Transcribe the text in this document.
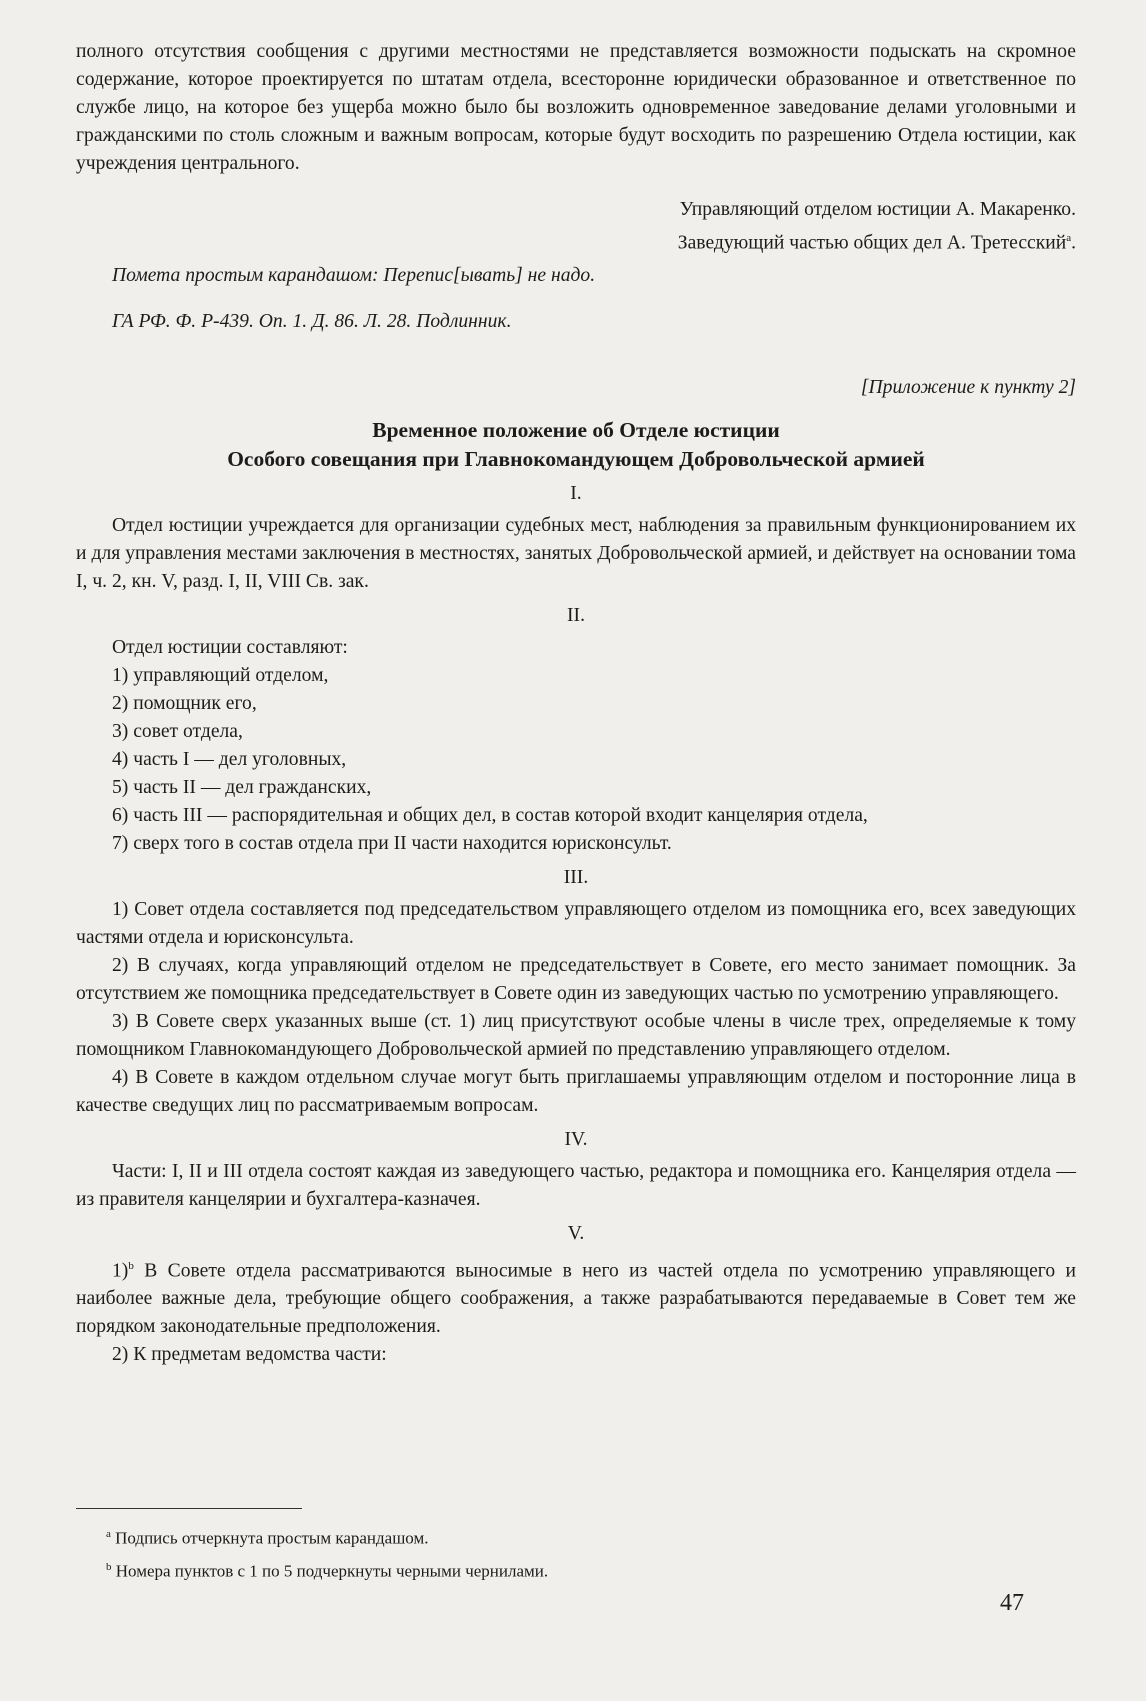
полного отсутствия сообщения с другими местностями не представляется возможности подыскать на скромное содержание, которое проектируется по штатам отдела, всесторонне юридически образованное и ответственное по службе лицо, на которое без ущерба можно было бы возложить одновременное заведование делами уголовными и гражданскими по столь сложным и важным вопросам, которые будут восходить по разрешению Отдела юстиции, как учреждения центрального.

Управляющий отделом юстиции А. Макаренко.

Заведующий частью общих дел А. Третесский$^а$.

Помета простым карандашом: Перепис[ывать] не надо.

ГА РФ. Ф. Р-439. Оп. 1. Д. 86. Л. 28. Подлинник.

[Приложение к пункту 2]

Временное положение об Отделе юстиции
Особого совещания при Главнокомандующем Добровольческой армией
I.

Отдел юстиции учреждается для организации судебных мест, наблюдения за правильным функционированием их и для управления местами заключения в местностях, занятых Добровольческой армией, и действует на основании тома I, ч. 2, кн. V, разд. I, II, VIII Св. зак.

II.

Отдел юстиции составляют:

1) управляющий отделом,

2) помощник его,

3) совет отдела,

4) часть I — дел уголовных,

5) часть II — дел гражданских,

6) часть III — распорядительная и общих дел, в состав которой входит канцелярия отдела,

7) сверх того в состав отдела при II части находится юрисконсульт.

III.

1) Совет отдела составляется под председательством управляющего отделом из помощника его, всех заведующих частями отдела и юрисконсульта.

2) В случаях, когда управляющий отделом не председательствует в Совете, его место занимает помощник. За отсутствием же помощника председательствует в Совете один из заведующих частью по усмотрению управляющего.

3) В Совете сверх указанных выше (ст. 1) лиц присутствуют особые члены в числе трех, определяемые к тому помощником Главнокомандующего Добровольческой армией по представлению управляющего отделом.

4) В Совете в каждом отдельном случае могут быть приглашаемы управляющим отделом и посторонние лица в качестве сведущих лиц по рассматриваемым вопросам.

IV.

Части: I, II и III отдела состоят каждая из заведующего частью, редактора и помощника его. Канцелярия отдела — из правителя канцелярии и бухгалтера-казначея.

V.

1)$^b$ В Совете отдела рассматриваются выносимые в него из частей отдела по усмотрению управляющего и наиболее важные дела, требующие общего соображения, а также разрабатываются передаваемые в Совет тем же порядком законодательные предположения.

2) К предметам ведомства части:

$^а$ Подпись отчеркнута простым карандашом.
$^b$ Номера пунктов с 1 по 5 подчеркнуты черными чернилами.
47
